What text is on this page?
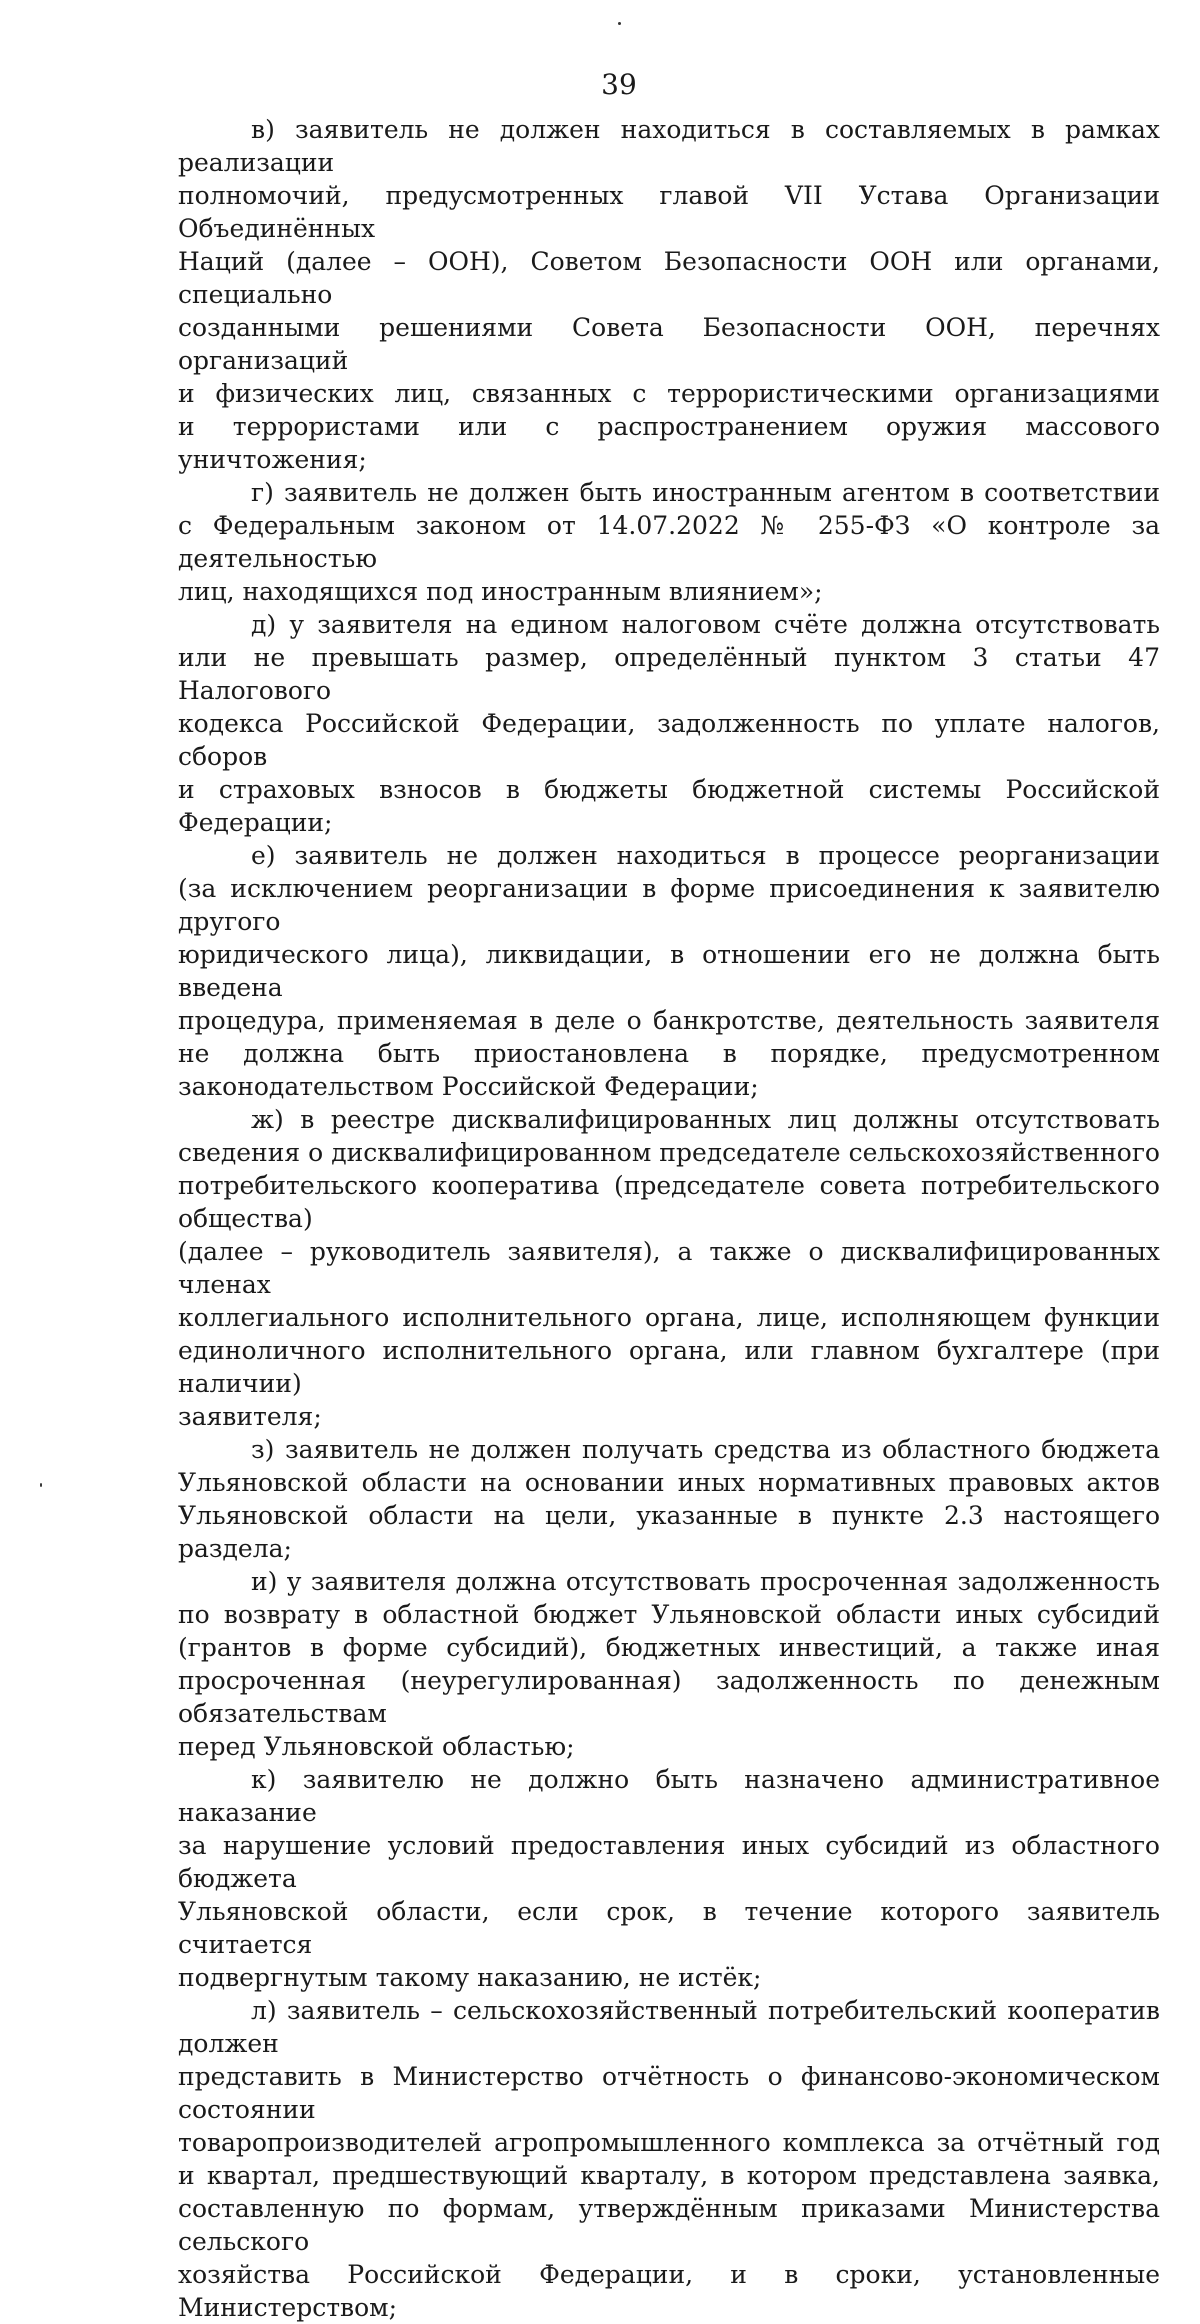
39
в) заявитель не должен находиться в составляемых в рамках реализации
полномочий, предусмотренных главой VII Устава Организации Объединённых
Наций (далее – ООН), Советом Безопасности ООН или органами, специально
созданными решениями Совета Безопасности ООН, перечнях организаций
и физических лиц, связанных с террористическими организациями
и террористами или с распространением оружия массового уничтожения;
г) заявитель не должен быть иностранным агентом в соответствии
с Федеральным законом от 14.07.2022 № 255-ФЗ «О контроле за деятельностью
лиц, находящихся под иностранным влиянием»;
д) у заявителя на едином налоговом счёте должна отсутствовать
или не превышать размер, определённый пунктом 3 статьи 47 Налогового
кодекса Российской Федерации, задолженность по уплате налогов, сборов
и страховых взносов в бюджеты бюджетной системы Российской Федерации;
е) заявитель не должен находиться в процессе реорганизации
(за исключением реорганизации в форме присоединения к заявителю другого
юридического лица), ликвидации, в отношении его не должна быть введена
процедура, применяемая в деле о банкротстве, деятельность заявителя
не должна быть приостановлена в порядке, предусмотренном
законодательством Российской Федерации;
ж) в реестре дисквалифицированных лиц должны отсутствовать
сведения о дисквалифицированном председателе сельскохозяйственного
потребительского кооператива (председателе совета потребительского общества)
(далее – руководитель заявителя), а также о дисквалифицированных членах
коллегиального исполнительного органа, лице, исполняющем функции
единоличного исполнительного органа, или главном бухгалтере (при наличии)
заявителя;
з) заявитель не должен получать средства из областного бюджета
Ульяновской области на основании иных нормативных правовых актов
Ульяновской области на цели, указанные в пункте 2.3 настоящего раздела;
и) у заявителя должна отсутствовать просроченная задолженность
по возврату в областной бюджет Ульяновской области иных субсидий
(грантов в форме субсидий), бюджетных инвестиций, а также иная
просроченная (неурегулированная) задолженность по денежным обязательствам
перед Ульяновской областью;
к) заявителю не должно быть назначено административное наказание
за нарушение условий предоставления иных субсидий из областного бюджета
Ульяновской области, если срок, в течение которого заявитель считается
подвергнутым такому наказанию, не истёк;
л) заявитель – сельскохозяйственный потребительский кооператив должен
представить в Министерство отчётность о финансово-экономическом состоянии
товаропроизводителей агропромышленного комплекса за отчётный год
и квартал, предшествующий кварталу, в котором представлена заявка,
составленную по формам, утверждённым приказами Министерства сельского
хозяйства Российской Федерации, и в сроки, установленные Министерством;
